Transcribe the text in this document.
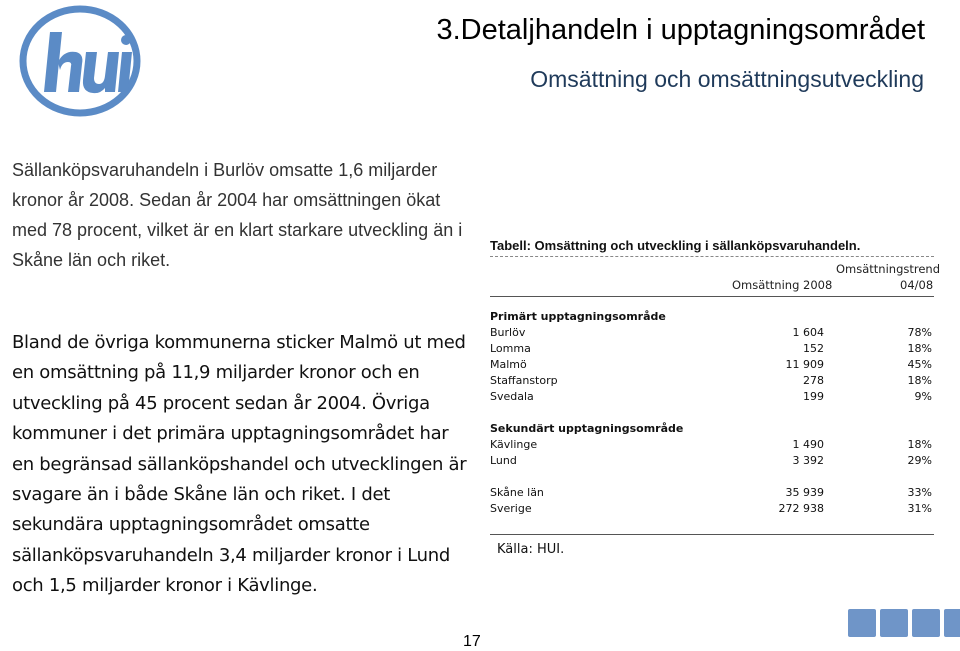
3.Detaljhandeln i upptagningsområdet
Omsättning och omsättningsutveckling
Sällanköpsvaruhandeln i Burlöv omsatte 1,6 miljarder kronor år 2008. Sedan år 2004 har omsättningen ökat med 78 procent, vilket är en klart starkare utveckling än i Skåne län och riket.
Bland de övriga kommunerna sticker Malmö ut med en omsättning på 11,9 miljarder kronor och en utveckling på 45 procent sedan år 2004. Övriga kommuner i det primära upptagningsområdet har en begränsad sällanköpshandel och utvecklingen är svagare än i både Skåne län och riket. I det sekundära upptagningsområdet omsatte sällanköpsvaruhandeln 3,4 miljarder kronor i Lund och 1,5 miljarder kronor i Kävlinge.
Tabell: Omsättning och utveckling i sällanköpsvaruhandeln.
Omsättningstrend
Omsättning 2008	04/08
Primärt upptagningsområde
Burlöv	1 604	78%
Lomma	152	18%
Malmö	11 909	45%
Staffanstorp	278	18%
Svedala	199	9%
Sekundärt upptagningsområde
Kävlinge	1 490	18%
Lund	3 392	29%
Skåne län	35 939	33%
Sverige	272 938	31%
Källa: HUI.
17
